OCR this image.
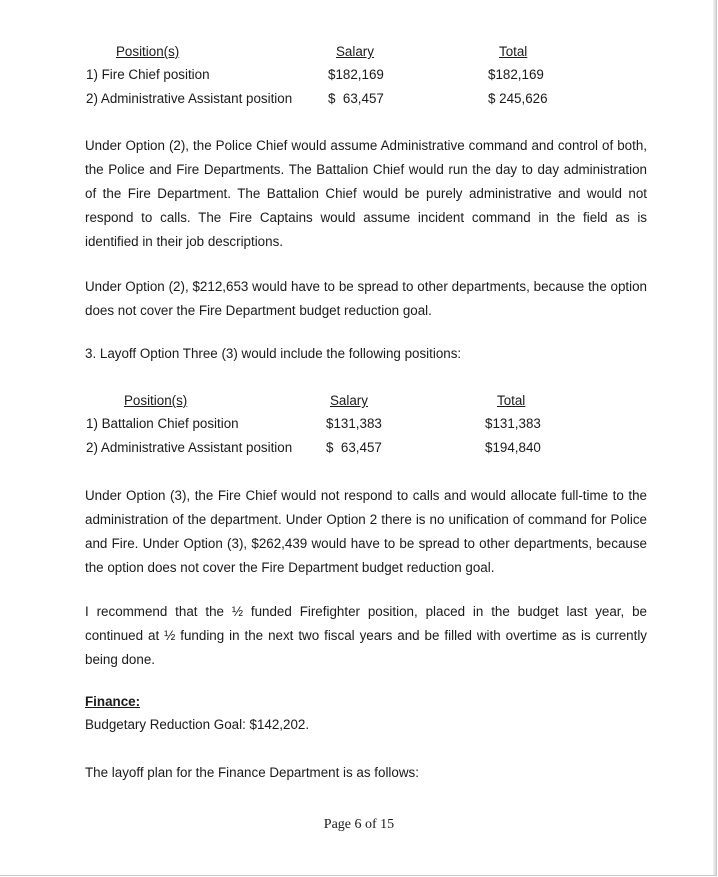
Position(s)	Salary	Total
1) Fire Chief position	$182,169	$182,169
2) Administrative Assistant position	$  63,457	$ 245,626
Under Option (2), the Police Chief would assume Administrative command and control of both, the Police and Fire Departments. The Battalion Chief would run the day to day administration of the Fire Department. The Battalion Chief would be purely administrative and would not respond to calls. The Fire Captains would assume incident command in the field as is identified in their job descriptions.
Under Option (2), $212,653 would have to be spread to other departments, because the option does not cover the Fire Department budget reduction goal.
3. Layoff Option Three (3) would include the following positions:
Position(s)	Salary	Total
1) Battalion Chief position	$131,383	$131,383
2) Administrative Assistant position	$  63,457	$194,840
Under Option (3), the Fire Chief would not respond to calls and would allocate full-time to the administration of the department. Under Option 2 there is no unification of command for Police and Fire. Under Option (3), $262,439 would have to be spread to other departments, because the option does not cover the Fire Department budget reduction goal.
I recommend that the ½ funded Firefighter position, placed in the budget last year, be continued at ½ funding in the next two fiscal years and be filled with overtime as is currently being done.
Finance:
Budgetary Reduction Goal: $142,202.
The layoff plan for the Finance Department is as follows:
Page 6 of 15
